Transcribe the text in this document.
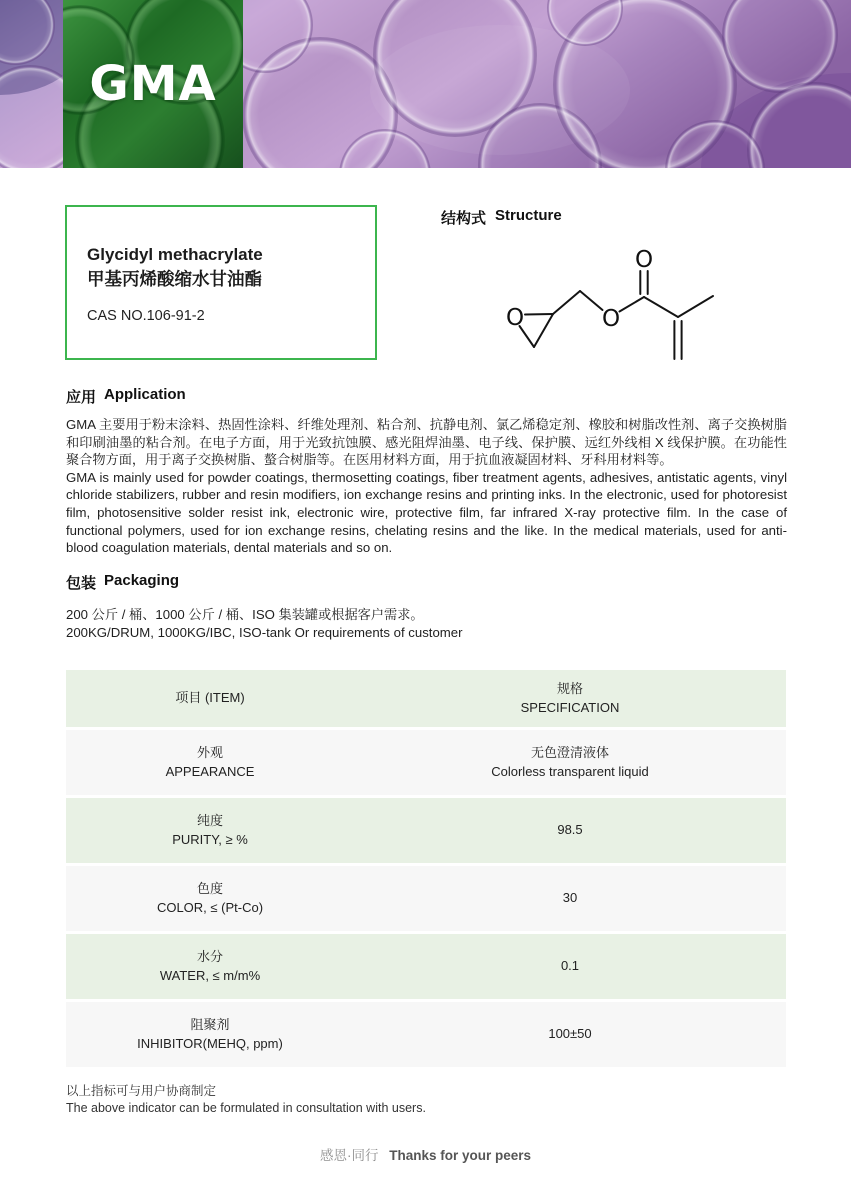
GMA
Glycidyl methacrylate
甲基丙烯酸缩水甘油酯
CAS NO.106-91-2
结构式 Structure
O	O
O
应用 Application

GMA 主要用于粉末涂料、热固性涂料、纤维处理剂、粘合剂、抗静电剂、氯乙烯稳定剂、橡胶和树脂改性剂、离子交换树脂和印刷油墨的粘合剂。在电子方面，用于光致抗蚀膜、感光阻焊油墨、电子线、保护膜、远红外线相 X 线保护膜。在功能性聚合物方面，用于离子交换树脂、螯合树脂等。在医用材料方面，用于抗血液凝固材料、牙科用材料等。

GMA is mainly used for powder coatings, thermosetting coatings, fiber treatment agents, adhesives, antistatic agents, vinyl chloride stabilizers, rubber and resin modifiers, ion exchange resins and printing inks. In the electronic, used for photoresist film, photosensitive solder resist ink, electronic wire, protective film, far infrared X-ray protective film. In the case of functional polymers, used for ion exchange resins, chelating resins and the like. In the medical materials, used for anti-blood coagulation materials, dental materials and so on.

包装 Packaging

200 公斤 / 桶、1000 公斤 / 桶、ISO 集装罐或根据客户需求。

200KG/DRUM, 1000KG/IBC, ISO-tank Or requirements of customer

项目 (ITEM)
规格
SPECIFICATION
外观
APPEARANCE
无色澄清液体
Colorless transparent liquid
纯度
PURITY, ≥ %
98.5
色度
COLOR, ≤ (Pt-Co)
30
水分
WATER, ≤ m/m%
0.1
阻聚剂
INHIBITOR(MEHQ, ppm)
100±50

以上指标可与用户协商制定

The above indicator can be formulated in consultation with users.

感恩·同行 Thanks for your peers
